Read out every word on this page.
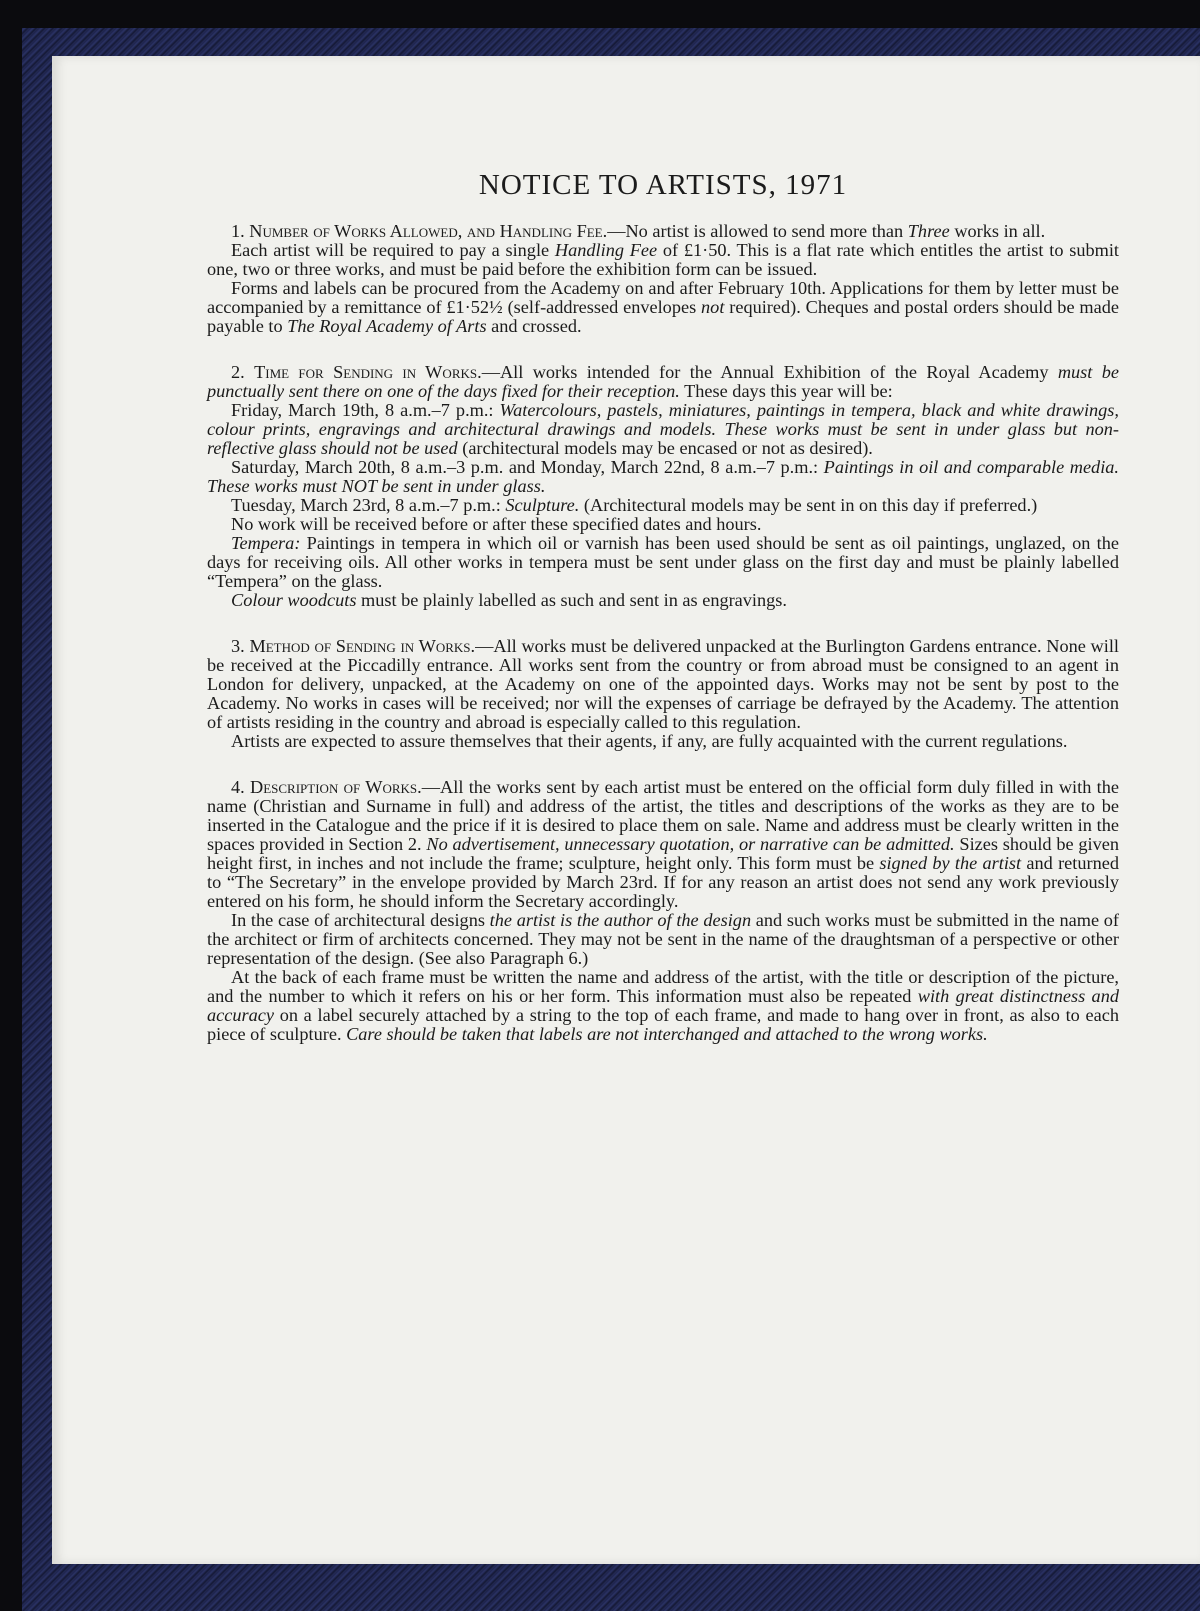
NOTICE TO ARTISTS, 1971

1. Number of Works Allowed, and Handling Fee.—No artist is allowed to send more than Three works in all.

Each artist will be required to pay a single Handling Fee of £1·50. This is a flat rate which entitles the artist to submit one, two or three works, and must be paid before the exhibition form can be issued.

Forms and labels can be procured from the Academy on and after February 10th. Applications for them by letter must be accompanied by a remittance of £1·52½ (self-addressed envelopes not required). Cheques and postal orders should be made payable to The Royal Academy of Arts and crossed.

2. Time for Sending in Works.—All works intended for the Annual Exhibition of the Royal Academy must be punctually sent there on one of the days fixed for their reception. These days this year will be:

Friday, March 19th, 8 a.m.–7 p.m.: Watercolours, pastels, miniatures, paintings in tempera, black and white drawings, colour prints, engravings and architectural drawings and models. These works must be sent in under glass but non-reflective glass should not be used (architectural models may be encased or not as desired).

Saturday, March 20th, 8 a.m.–3 p.m. and Monday, March 22nd, 8 a.m.–7 p.m.: Paintings in oil and comparable media. These works must NOT be sent in under glass.

Tuesday, March 23rd, 8 a.m.–7 p.m.: Sculpture. (Architectural models may be sent in on this day if preferred.)

No work will be received before or after these specified dates and hours.

Tempera: Paintings in tempera in which oil or varnish has been used should be sent as oil paintings, unglazed, on the days for receiving oils. All other works in tempera must be sent under glass on the first day and must be plainly labelled “Tempera” on the glass.

Colour woodcuts must be plainly labelled as such and sent in as engravings.

3. Method of Sending in Works.—All works must be delivered unpacked at the Burlington Gardens entrance. None will be received at the Piccadilly entrance. All works sent from the country or from abroad must be consigned to an agent in London for delivery, unpacked, at the Academy on one of the appointed days. Works may not be sent by post to the Academy. No works in cases will be received; nor will the expenses of carriage be defrayed by the Academy. The attention of artists residing in the country and abroad is especially called to this regulation.

Artists are expected to assure themselves that their agents, if any, are fully acquainted with the current regulations.

4. Description of Works.—All the works sent by each artist must be entered on the official form duly filled in with the name (Christian and Surname in full) and address of the artist, the titles and descriptions of the works as they are to be inserted in the Catalogue and the price if it is desired to place them on sale. Name and address must be clearly written in the spaces provided in Section 2. No advertisement, unnecessary quotation, or narrative can be admitted. Sizes should be given height first, in inches and not include the frame; sculpture, height only. This form must be signed by the artist and returned to “The Secretary” in the envelope provided by March 23rd. If for any reason an artist does not send any work previously entered on his form, he should inform the Secretary accordingly.

In the case of architectural designs the artist is the author of the design and such works must be submitted in the name of the architect or firm of architects concerned. They may not be sent in the name of the draughtsman of a perspective or other representation of the design. (See also Paragraph 6.)

At the back of each frame must be written the name and address of the artist, with the title or description of the picture, and the number to which it refers on his or her form. This information must also be repeated with great distinctness and accuracy on a label securely attached by a string to the top of each frame, and made to hang over in front, as also to each piece of sculpture. Care should be taken that labels are not interchanged and attached to the wrong works.
